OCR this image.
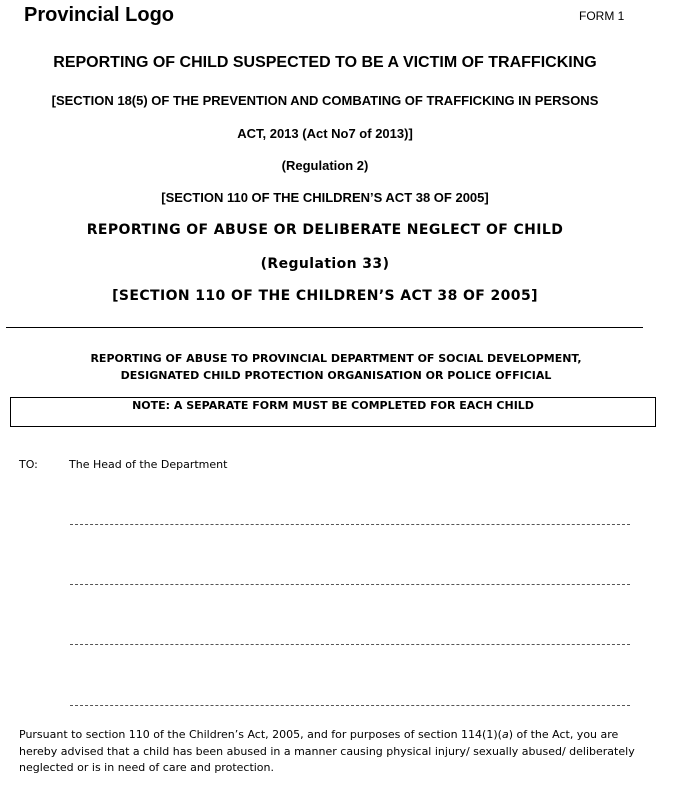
Provincial Logo	FORM 1
REPORTING OF CHILD SUSPECTED TO BE A VICTIM OF TRAFFICKING
[SECTION 18(5) OF THE PREVENTION AND COMBATING OF TRAFFICKING IN PERSONS
ACT, 2013 (Act No7 of 2013)]
(Regulation 2)
[SECTION 110 OF THE CHILDREN’S ACT 38 OF 2005]
REPORTING OF ABUSE OR DELIBERATE NEGLECT OF CHILD
(Regulation 33)
[SECTION 110 OF THE CHILDREN’S ACT 38 OF 2005]
REPORTING OF ABUSE TO PROVINCIAL DEPARTMENT OF SOCIAL DEVELOPMENT,
DESIGNATED CHILD PROTECTION ORGANISATION OR POLICE OFFICIAL
NOTE: A SEPARATE FORM MUST BE COMPLETED FOR EACH CHILD
TO:	The Head of the Department
Pursuant to section 110 of the Children’s Act, 2005, and for purposes of section 114(1)(a) of the Act, you are hereby advised that a child has been abused in a manner causing physical injury/ sexually abused/ deliberately neglected or is in need of care and protection.
